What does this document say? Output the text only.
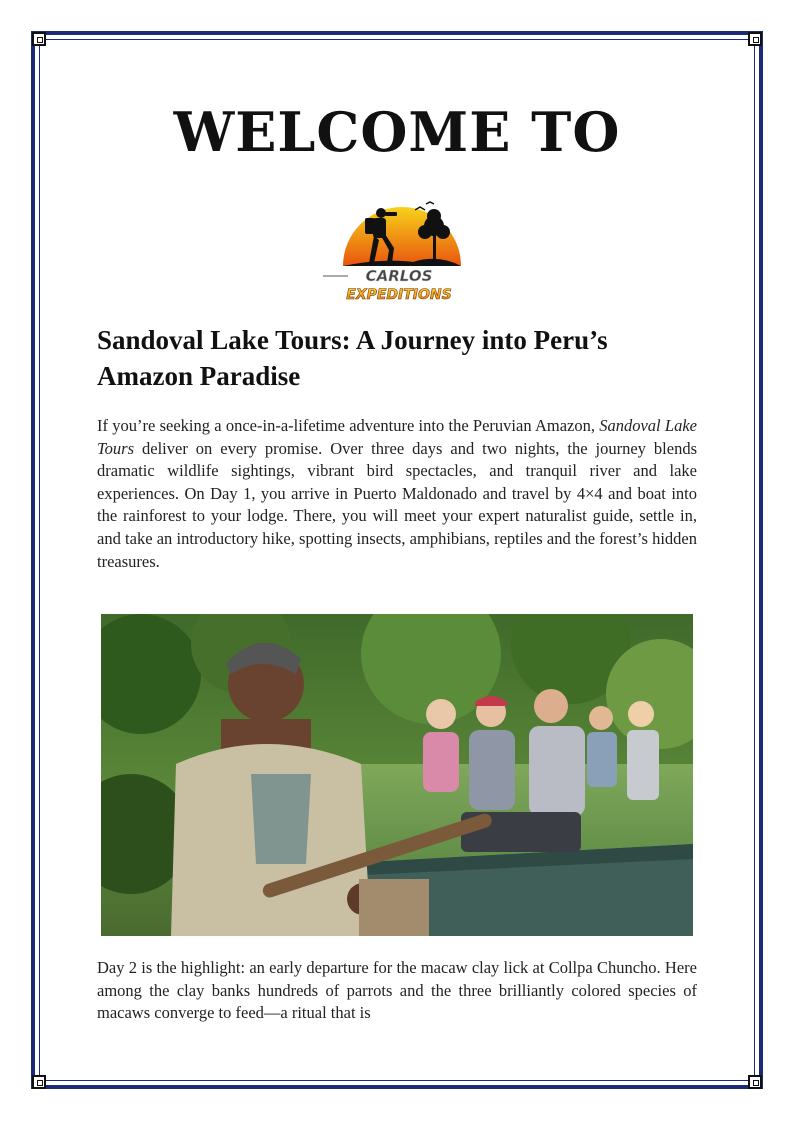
WELCOME TO
CARLOS
EXPEDITIONS
Sandoval Lake Tours: A Journey into Peru’s Amazon Paradise
If you’re seeking a once-in-a-lifetime adventure into the Peruvian Amazon, Sandoval Lake Tours deliver on every promise. Over three days and two nights, the journey blends dramatic wildlife sightings, vibrant bird spectacles, and tranquil river and lake experiences. On Day 1, you arrive in Puerto Maldonado and travel by 4×4 and boat into the rainforest to your lodge. There, you will meet your expert naturalist guide, settle in, and take an introductory hike, spotting insects, amphibians, reptiles and the forest’s hidden treasures.
Day 2 is the highlight: an early departure for the macaw clay lick at Collpa Chuncho. Here among the clay banks hundreds of parrots and the three brilliantly colored species of macaws converge to feed—a ritual that is
